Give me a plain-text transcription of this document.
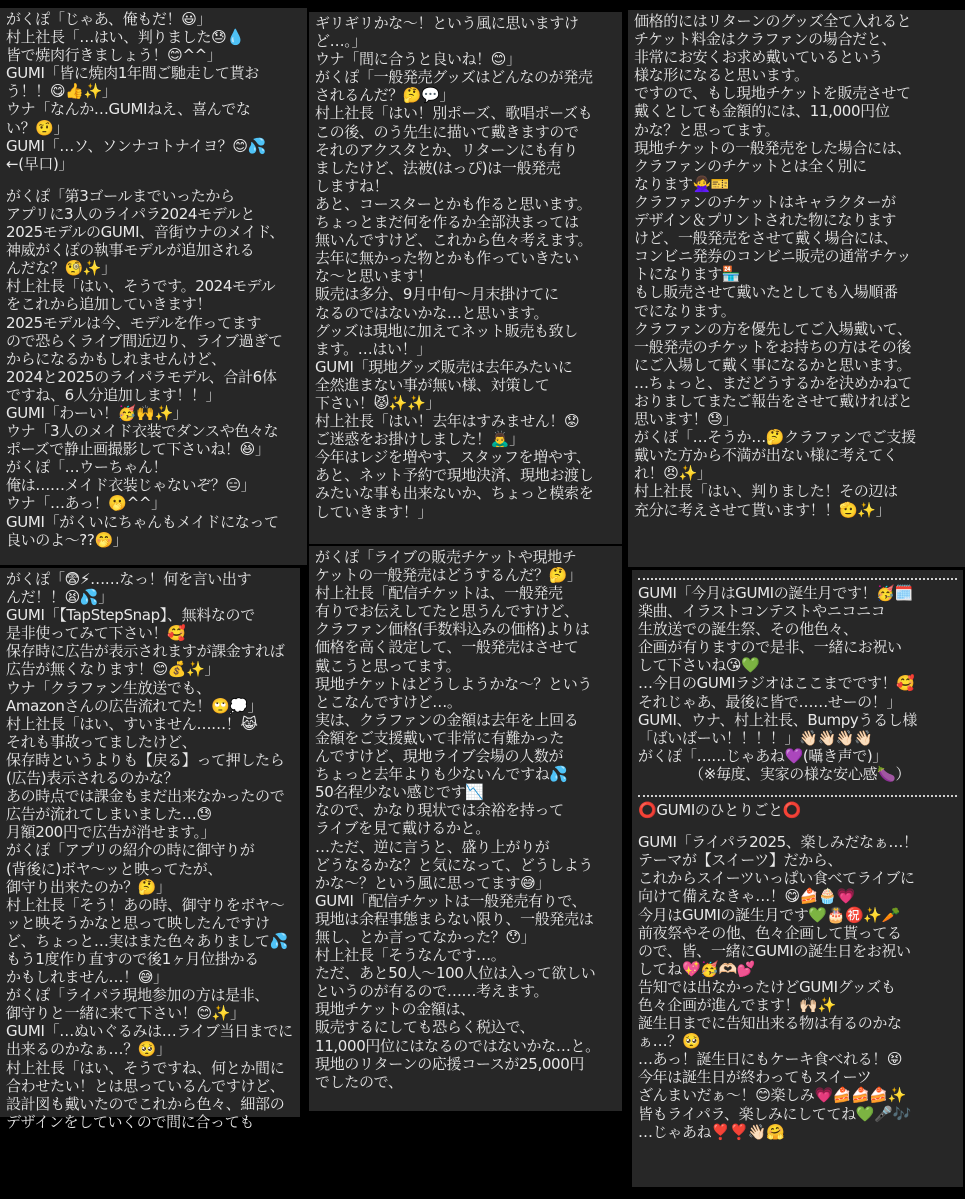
がくぽ「じゃあ、俺もだ！😃」
村上社長「…はい、判りました😓💧
皆で焼肉行きましょう！😊^^」
GUMI「皆に焼肉1年間ご馳走して貰お
う！！😋👍✨」
ウナ「なんか…GUMIねえ、喜んでな
い？🤨」
GUMI「…ソ、ソンナコトナイヨ？😊💦
←(早口)」
がくぽ「第3ゴールまでいったから
アプリに3人のライパラ2024モデルと
2025モデルのGUMI、音街ウナのメイド、
神威がくぽの執事モデルが追加される
んだな？🧐✨」
村上社長「はい、そうです。2024モデル
をこれから追加していきます！
2025モデルは今、モデルを作ってます
ので恐らくライブ間近辺り、ライブ過ぎて
からになるかもしれませんけど、
2024と2025のライパラモデル、合計6体
ですね、6人分追加します！！」
GUMI「わーい！🥳🙌✨」
ウナ「3人のメイド衣装でダンスや色々な
ポーズで静止画撮影して下さいね！😆」
がくぽ「…ウーちゃん！
俺は……メイド衣装じゃないぞ？😑」
ウナ「…あっ！🫢^^」
GUMI「がくいにちゃんもメイドになって
良いのよ～??🤭」
ギリギリかな～！という風に思いますけ
ど…。」
ウナ「間に合うと良いね！😊」
がくぽ「一般発売グッズはどんなのが発売
されるんだ？🤔💬」
村上社長「はい！別ポーズ、歌唱ポーズも
この後、のう先生に描いて戴きますので
それのアクスタとか、リターンにも有り
ましたけど、法被(はっぴ)は一般発売
しますね！
あと、コースターとかも作ると思います。
ちょっとまだ何を作るか全部決まっては
無いんですけど、これから色々考えます。
去年に無かった物とかも作っていきたい
な～と思います！
販売は多分、9月中旬～月末掛けてに
なるのではないかな…と思います。
グッズは現地に加えてネット販売も致し
ます。…はい！」
GUMI「現地グッズ販売は去年みたいに
全然進まない事が無い様、対策して
下さい！😾✨✨」
村上社長「はい！去年はすみません！😟
ご迷惑をお掛けしました！🙇‍♂️」
今年はレジを増やす、スタッフを増やす、
あと、ネット予約で現地決済、現地お渡し
みたいな事も出来ないか、ちょっと模索を
していきます！」
価格的にはリターンのグッズ全て入れると
チケット料金はクラファンの場合だと、
非常にお安くお求め戴いているという
様な形になると思います。
ですので、もし現地チケットを販売させて
戴くとしても金額的には、11,000円位
かな？と思ってます。
現地チケットの一般発売をした場合には、
クラファンのチケットとは全く別に
なります🙅‍♀️🎫
クラファンのチケットはキャラクターが
デザイン＆プリントされた物になります
けど、一般発売をさせて戴く場合には、
コンビニ発券のコンビニ販売の通常チケッ
トになります🏪
もし販売させて戴いたとしても入場順番
でになります。
クラファンの方を優先してご入場戴いて、
一般発売のチケットをお持ちの方はその後
にご入場して戴く事になるかと思います。
…ちょっと、まだどうするかを決めかねて
おりましてまたご報告をさせて戴ければと
思います！😓」
がくぽ「…そうか…🤔クラファンでご支援
戴いた方から不満が出ない様に考えてく
れ！😠✨」
村上社長「はい、判りました！その辺は
充分に考えさせて貰います！！🫡✨」
がくぽ「😨⚡……なっ！何を言い出す
んだ！！😫💦」
GUMI「【TapStepSnap】、無料なので
是非使ってみて下さい！🥰
保存時に広告が表示されますが課金すれば
広告が無くなります！😊💰✨」
ウナ「クラファン生放送でも、
Amazonさんの広告流れてた！🙄💭」
村上社長「はい、すいません……！😹
それも事故ってましたけど、
保存時というよりも【戻る】って押したら
(広告)表示されるのかな？
あの時点では課金もまだ出来なかったので
広告が流れてしまいました…😓
月額200円で広告が消せます。」
がくぽ「アプリの紹介の時に御守りが
(背後に)ボヤ～ッと映ってたが、
御守り出来たのか？🤔」
村上社長「そう！あの時、御守りをボヤ～
ッと映そうかなと思って映したんですけ
ど、ちょっと…実はまた色々ありまして💦
もう1度作り直すので後1ヶ月位掛かる
かもしれません…！😅」
がくぽ「ライパラ現地参加の方は是非、
御守りと一緒に来て下さい！😊✨」
GUMI「…ぬいぐるみは…ライブ当日までに
出来るのかなぁ…？🥺」
村上社長「はい、そうですね、何とか間に
合わせたい！とは思っているんですけど、
設計図も戴いたのでこれから色々、細部の
デザインをしていくので間に合っても
がくぽ「ライブの販売チケットや現地チ
ケットの一般発売はどうするんだ？🤔」
村上社長「配信チケットは、一般発売
有りでお伝えしてたと思うんですけど、
クラファン価格(手数料込みの価格)よりは
価格を高く設定して、一般発売はさせて
戴こうと思ってます。
現地チケットはどうしようかな～？という
とこなんですけど…。
実は、クラファンの金額は去年を上回る
金額をご支援戴いて非常に有難かった
んですけど、現地ライブ会場の人数が
ちょっと去年よりも少ないんですね💦
50名程少ない感じです📉
なので、かなり現状では余裕を持って
ライブを見て戴けるかと。
…ただ、逆に言うと、盛り上がりが
どうなるかな？と気になって、どうしよう
かな～？という風に思ってます😅」
GUMI「配信チケットは一般発売有りで、
現地は余程事態まらない限り、一般発売は
無し、とか言ってなかった？😯」
村上社長「そうなんです…。
ただ、あと50人～100人位は入って欲しい
というのが有るので……考えます。
現地チケットの金額は、
販売するにしても恐らく税込で、
11,000円位にはなるのではないかな…と。
現地のリターンの応援コースが25,000円
でしたので、
GUMI「今月はGUMIの誕生月です！🥳🗓️
楽曲、イラストコンテストやニコニコ
生放送での誕生祭、その他色々、
企画が有りますので是非、一緒にお祝い
して下さいね😘💚
…今日のGUMIラジオはここまでです！🥰
それじゃあ、最後に皆で……せーの！」
GUMI、ウナ、村上社長、Bumpyうるし様
「ばいばーい！！！！」👋🏻👋🏻👋🏻👋🏻
がくぽ「……じゃあね💜(囁き声で)」
　　　　（※毎度、実家の様な安心感🍆）
⭕GUMIのひとりごと⭕
GUMI「ライパラ2025、楽しみだなぁ…！
テーマが【スイーツ】だから、
これからスイーツいっぱい食べてライブに
向けて備えなきゃ…！😋🍰🧁💗
今月はGUMIの誕生月です💚🎂㊗️✨🥕
前夜祭やその他、色々企画して貰ってる
ので、皆、一緒にGUMIの誕生日をお祝い
してね💖🥳🫶🏻💕
告知では出なかったけどGUMIグッズも
色々企画が進んでます！🙌🏻✨
誕生日までに告知出来る物は有るのかな
ぁ…？🥺
…あっ！誕生日にもケーキ食べれる！😝
今年は誕生日が終わってもスイーツ
ざんまいだぁ～！😊楽しみ💗🍰🍰🍰✨
皆もライパラ、楽しみにしててね💚🎤🎶
…じゃあね❣️❣️👋🏻🤗
